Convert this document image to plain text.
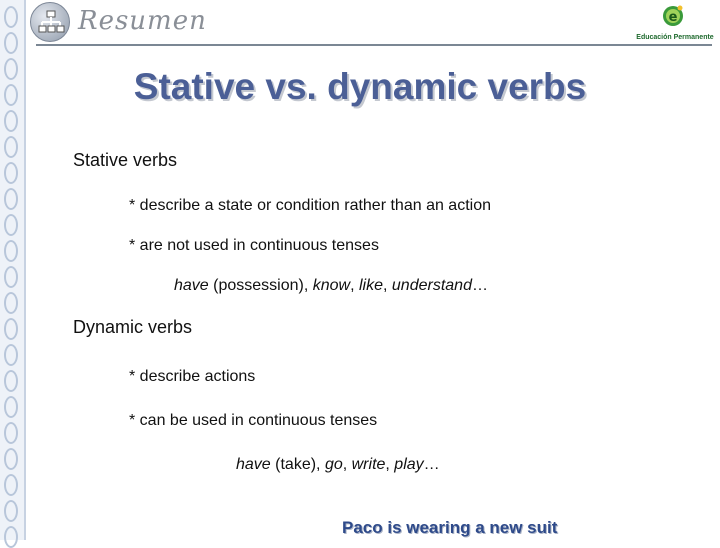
Resumen	e
Educación Permanente
Stative vs. dynamic verbs
Stative verbs
* describe a state or condition rather than an action
* are not used in continuous tenses
have (possession), know, like, understand…
Dynamic verbs
* describe actions
* can be used in continuous tenses
have (take), go, write, play…
Paco is wearing a new suit
